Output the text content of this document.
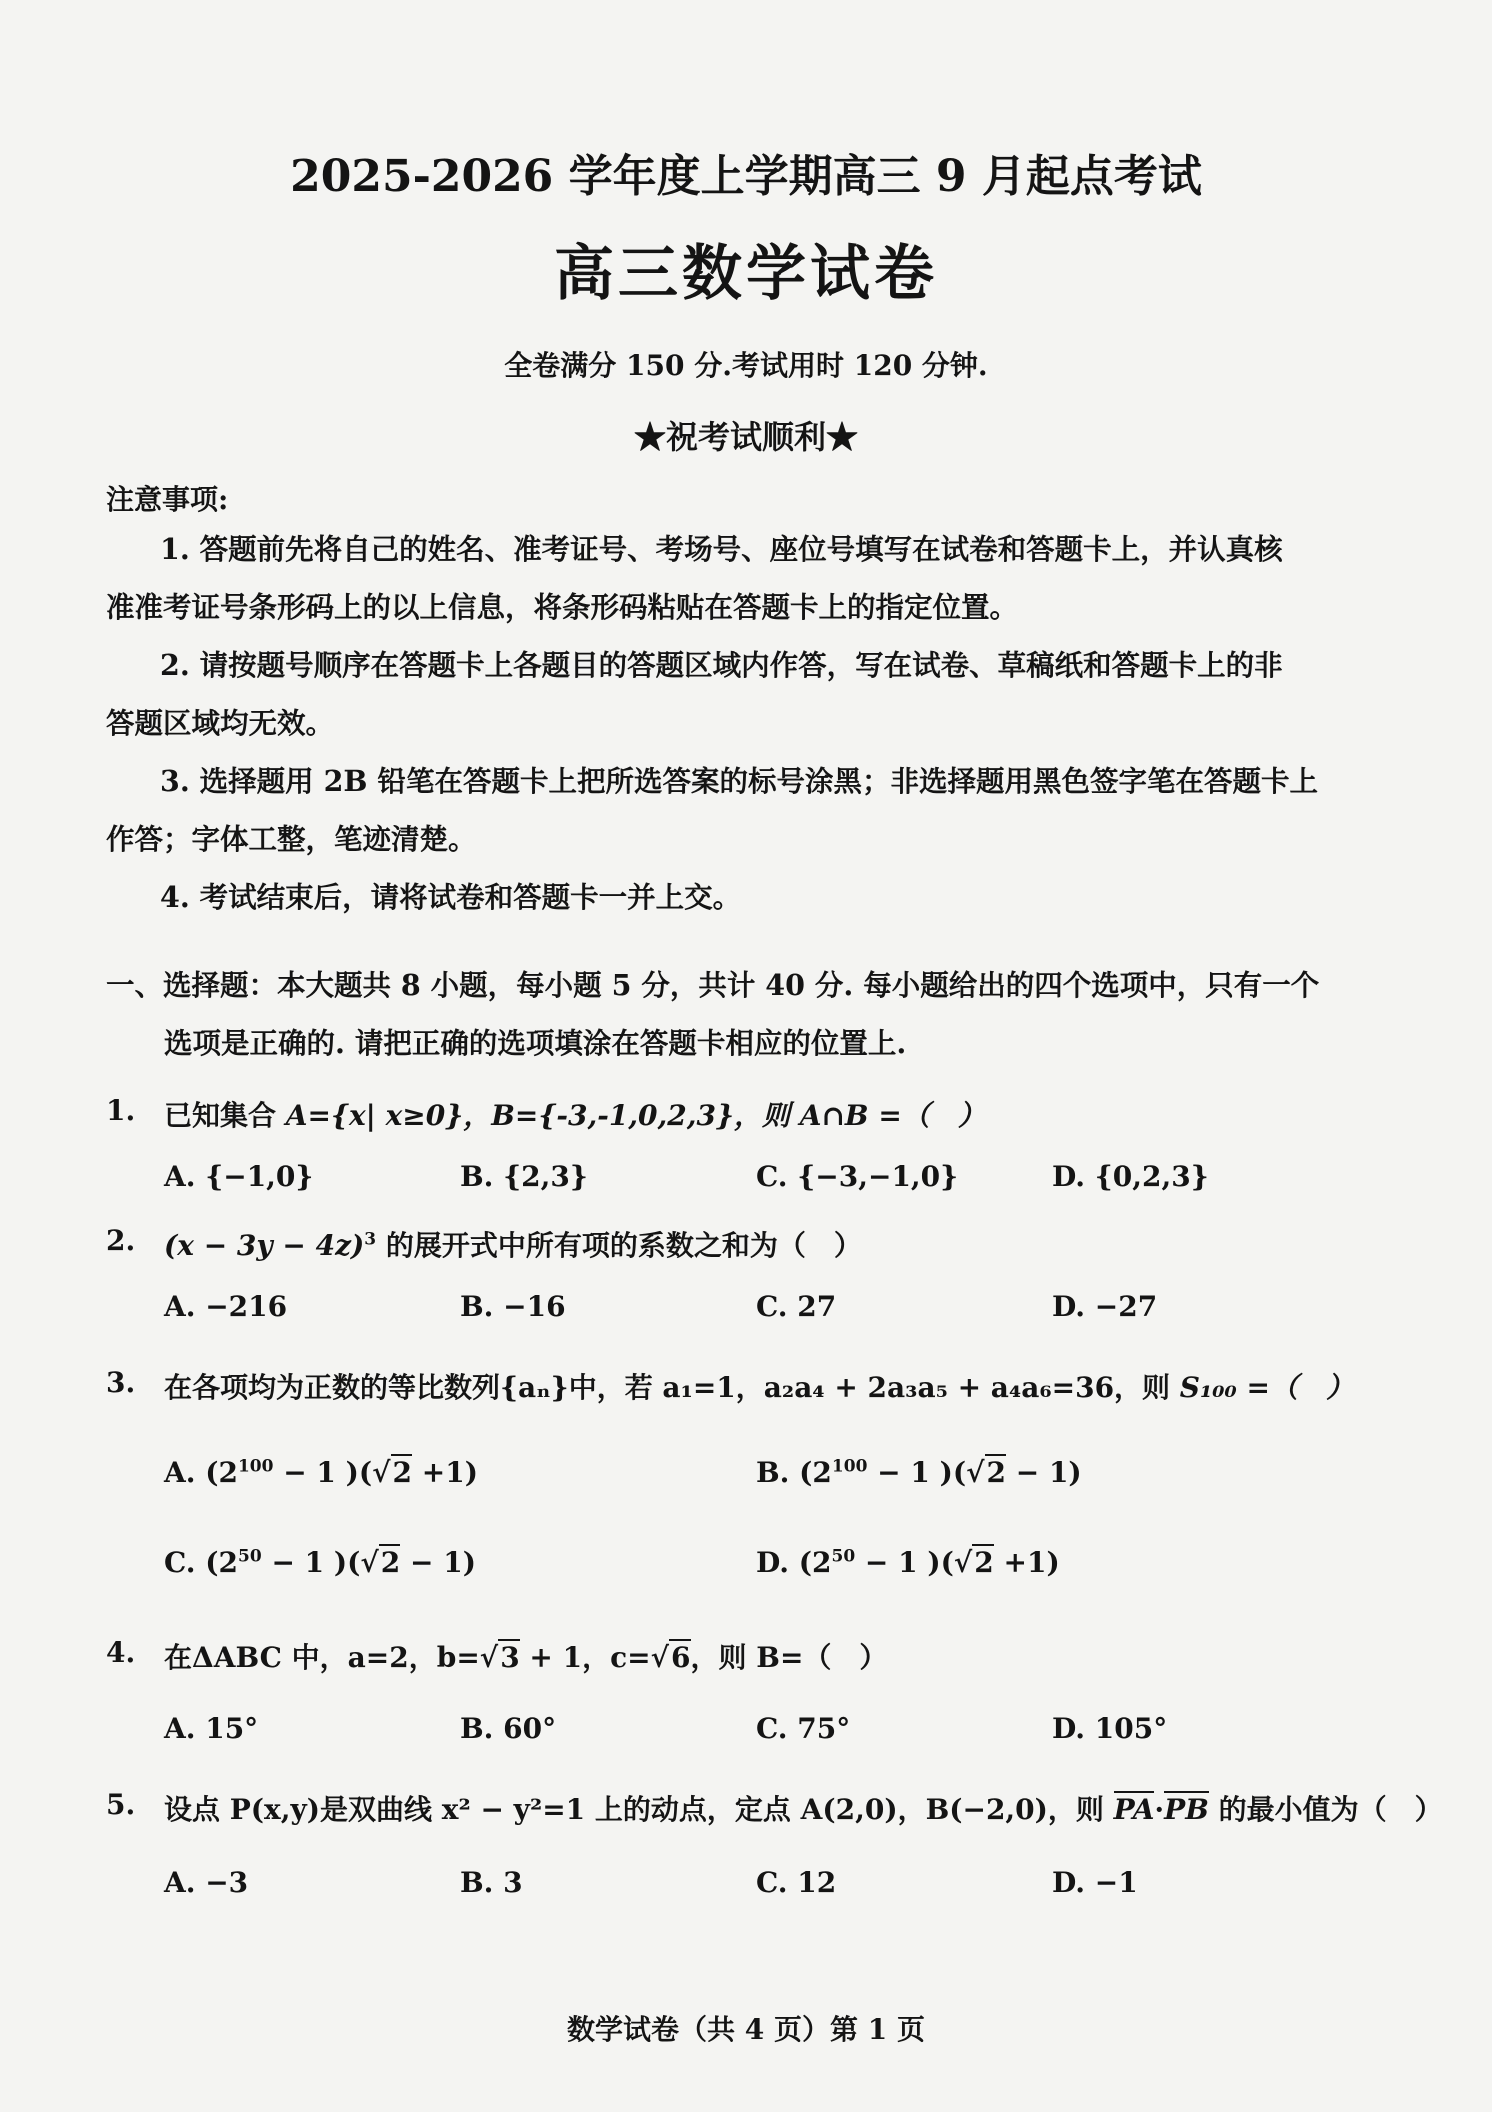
2025-2026 学年度上学期高三 9 月起点考试
高三数学试卷
全卷满分 150 分.考试用时 120 分钟.
★祝考试顺利★
注意事项:
1. 答题前先将自己的姓名、准考证号、考场号、座位号填写在试卷和答题卡上，并认真核
准准考证号条形码上的以上信息，将条形码粘贴在答题卡上的指定位置。
2. 请按题号顺序在答题卡上各题目的答题区域内作答，写在试卷、草稿纸和答题卡上的非
答题区域均无效。
3. 选择题用 2B 铅笔在答题卡上把所选答案的标号涂黑；非选择题用黑色签字笔在答题卡上
作答；字体工整，笔迹清楚。
4. 考试结束后，请将试卷和答题卡一并上交。
一、选择题：本大题共 8 小题，每小题 5 分，共计 40 分. 每小题给出的四个选项中，只有一个
选项是正确的. 请把正确的选项填涂在答题卡相应的位置上.
1. 已知集合 A={x| x≥0}，B={-3,-1,0,2,3}，则 A∩B =（　）
A. {−1,0}	B. {2,3}	C. {−3,−1,0}	D. {0,2,3}
2. $(x - 3y - 4z)^3$ 的展开式中所有项的系数之和为（　）
A. −216	B. −16	C. 27	D. −27
3. 在各项均为正数的等比数列{aₙ}中，若 a₁=1，a₂a₄ + 2a₃a₅ + a₄a₆=36，则 S₁₀₀ =（　）
A. ($2^{100} - 1$ )(√2 +1)	B. ($2^{100} - 1$ )(√2 − 1)
C. ($2^{50} - 1$ )(√2 − 1)	D. ($2^{50} - 1$ )(√2 +1)
4. 在ΔABC 中，a=2，b=√3 + 1，c=√6，则 B=（　）
A. 15°	B. 60°	C. 75°	D. 105°
5. 设点 P(x,y)是双曲线 x² − y²=1 上的动点，定点 A(2,0)，B(−2,0)，则 PA·PB 的最小值为（　）
A. −3	B. 3	C. 12	D. −1
数学试卷（共 4 页）第 1 页
